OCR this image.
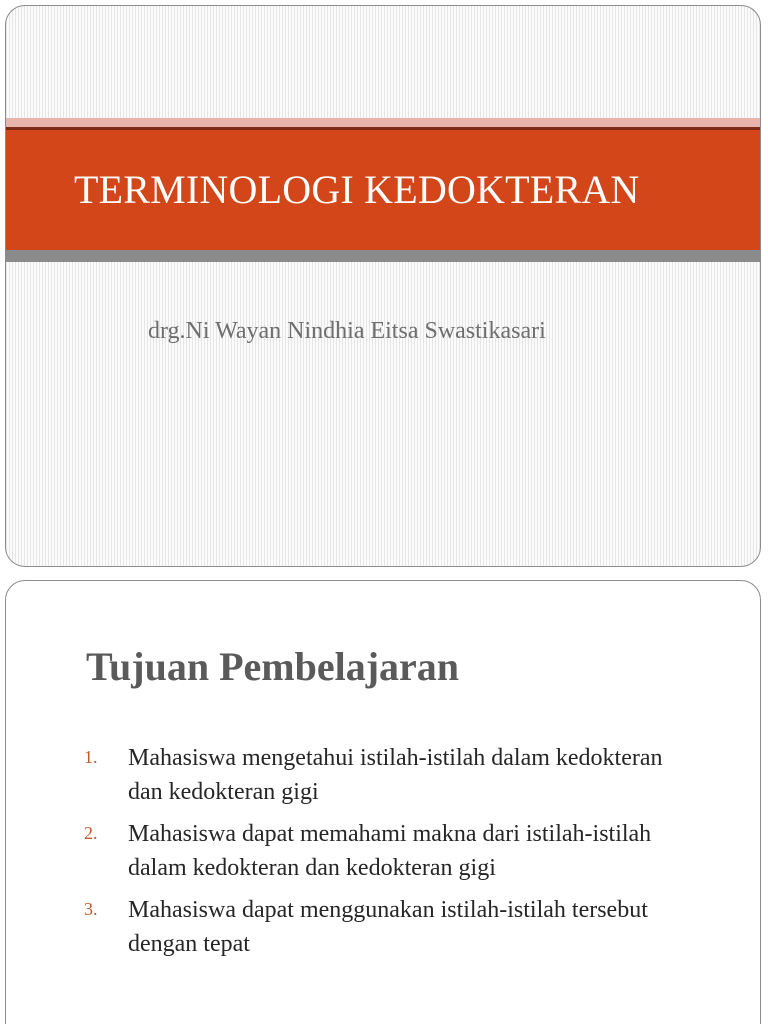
TERMINOLOGI KEDOKTERAN

drg.Ni Wayan Nindhia Eitsa Swastikasari

Tujuan Pembelajaran
1. Mahasiswa mengetahui istilah-istilah dalam kedokteran dan kedokteran gigi
2. Mahasiswa dapat memahami makna dari istilah-istilah dalam kedokteran dan kedokteran gigi
3. Mahasiswa dapat menggunakan istilah-istilah tersebut dengan tepat
